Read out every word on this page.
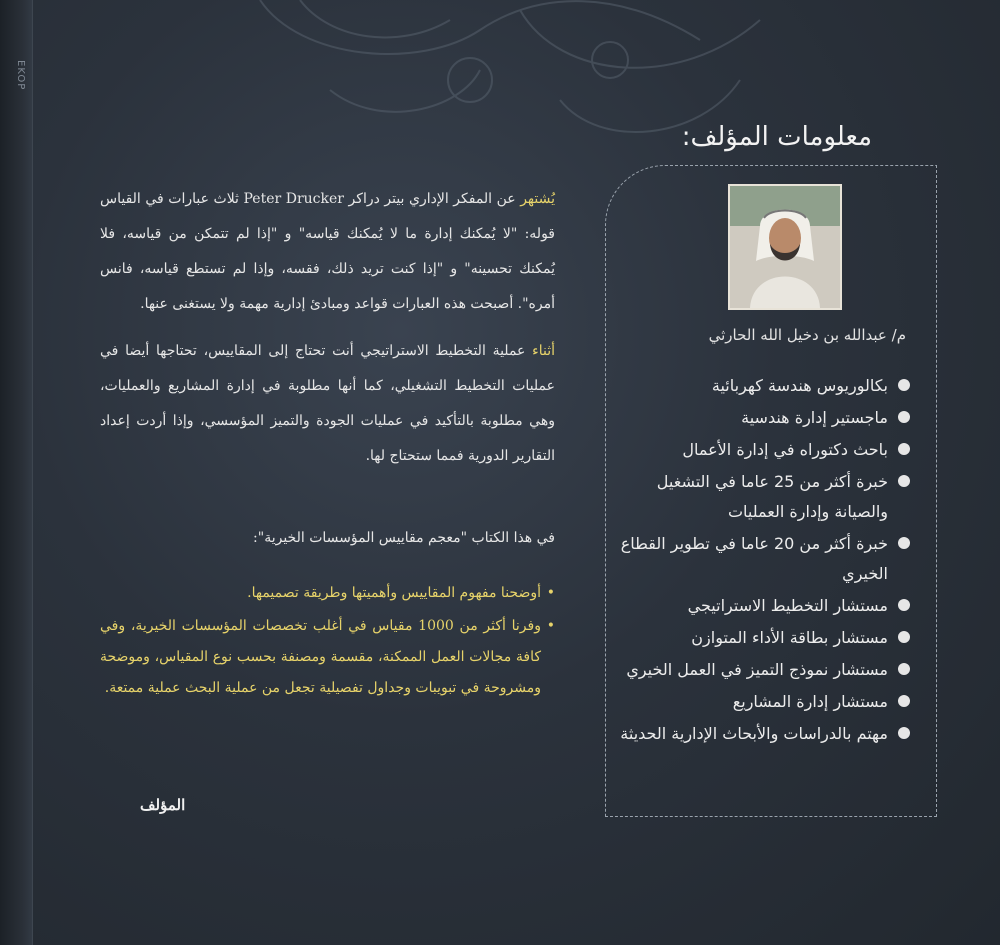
EKOP
معلومات المؤلف:
م/ عبدالله بن دخيل الله الحارثي
بكالوريوس هندسة كهربائية
ماجستير إدارة هندسية
باحث دكتوراه في إدارة الأعمال
خبرة أكثر من 25 عاما في التشغيل والصيانة وإدارة العمليات
خبرة أكثر من 20 عاما في تطوير القطاع الخيري
مستشار التخطيط الاستراتيجي
مستشار بطاقة الأداء المتوازن
مستشار نموذج التميز في العمل الخيري
مستشار إدارة المشاريع
مهتم بالدراسات والأبحاث الإدارية الحديثة

يُشتهر عن المفكر الإداري بيتر دراكر Peter Drucker ثلاث عبارات في القياس قوله: "لا يُمكنك إدارة ما لا يُمكنك قياسه" و "إذا لم تتمكن من قياسه، فلا يُمكنك تحسينه" و "إذا كنت تريد ذلك، فقسه، وإذا لم تستطع قياسه، فانس أمره". أصبحت هذه العبارات قواعد ومبادئ إدارية مهمة ولا يستغنى عنها.

أثناء عملية التخطيط الاستراتيجي أنت تحتاج إلى المقاييس، تحتاجها أيضا في عمليات التخطيط التشغيلي، كما أنها مطلوبة في إدارة المشاريع والعمليات، وهي مطلوبة بالتأكيد في عمليات الجودة والتميز المؤسسي، وإذا أردت إعداد التقارير الدورية فمما ستحتاج لها.

في هذا الكتاب "معجم مقاييس المؤسسات الخيرية":
•
أوضحنا مفهوم المقاييس وأهميتها وطريقة تصميمها.
•
وفرنا أكثر من 1000 مقياس في أغلب تخصصات المؤسسات الخيرية، وفي كافة مجالات العمل الممكنة، مقسمة ومصنفة بحسب نوع المقياس، وموضحة ومشروحة في تبويبات وجداول تفصيلية تجعل من عملية البحث عملية ممتعة.
المؤلف
